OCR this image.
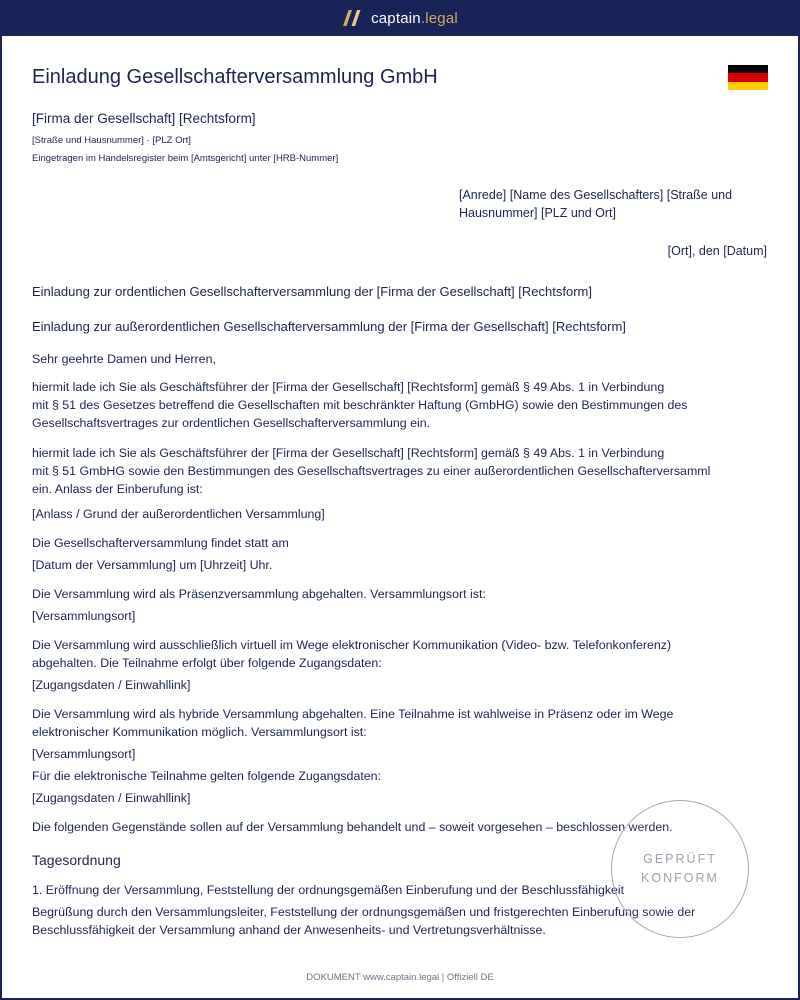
captain.legal
Einladung Gesellschafterversammlung GmbH
[Firma der Gesellschaft] [Rechtsform]
[Straße und Hausnummer] · [PLZ Ort]
Eingetragen im Handelsregister beim [Amtsgericht] unter [HRB-Nummer]
[Anrede] [Name des Gesellschafters] [Straße und Hausnummer] [PLZ und Ort]
[Ort], den [Datum]
Einladung zur ordentlichen Gesellschafterversammlung der [Firma der Gesellschaft] [Rechtsform]
Einladung zur außerordentlichen Gesellschafterversammlung der [Firma der Gesellschaft] [Rechtsform]
Sehr geehrte Damen und Herren,
hiermit lade ich Sie als Geschäftsführer der [Firma der Gesellschaft] [Rechtsform] gemäß § 49 Abs. 1 in Verbindung
mit § 51 des Gesetzes betreffend die Gesellschaften mit beschränkter Haftung (GmbHG) sowie den Bestimmungen des
Gesellschaftsvertrages zur ordentlichen Gesellschafterversammlung ein.
hiermit lade ich Sie als Geschäftsführer der [Firma der Gesellschaft] [Rechtsform] gemäß § 49 Abs. 1 in Verbindung
mit § 51 GmbHG sowie den Bestimmungen des Gesellschaftsvertrages zu einer außerordentlichen Gesellschafterversamml
ein. Anlass der Einberufung ist:
[Anlass / Grund der außerordentlichen Versammlung]
Die Gesellschafterversammlung findet statt am
[Datum der Versammlung] um [Uhrzeit] Uhr.
Die Versammlung wird als Präsenzversammlung abgehalten. Versammlungsort ist:
[Versammlungsort]
Die Versammlung wird ausschließlich virtuell im Wege elektronischer Kommunikation (Video- bzw. Telefonkonferenz)
abgehalten. Die Teilnahme erfolgt über folgende Zugangsdaten:
[Zugangsdaten / Einwahllink]
Die Versammlung wird als hybride Versammlung abgehalten. Eine Teilnahme ist wahlweise in Präsenz oder im Wege
elektronischer Kommunikation möglich. Versammlungsort ist:
[Versammlungsort]
Für die elektronische Teilnahme gelten folgende Zugangsdaten:
[Zugangsdaten / Einwahllink]
Die folgenden Gegenstände sollen auf der Versammlung behandelt und – soweit vorgesehen – beschlossen werden.
Tagesordnung
1. Eröffnung der Versammlung, Feststellung der ordnungsgemäßen Einberufung und der Beschlussfähigkeit
Begrüßung durch den Versammlungsleiter, Feststellung der ordnungsgemäßen und fristgerechten Einberufung sowie der
Beschlussfähigkeit der Versammlung anhand der Anwesenheits- und Vertretungsverhältnisse.
GEPRÜFT
KONFORM
DOKUMENT www.captain.legal | Offiziell DE
